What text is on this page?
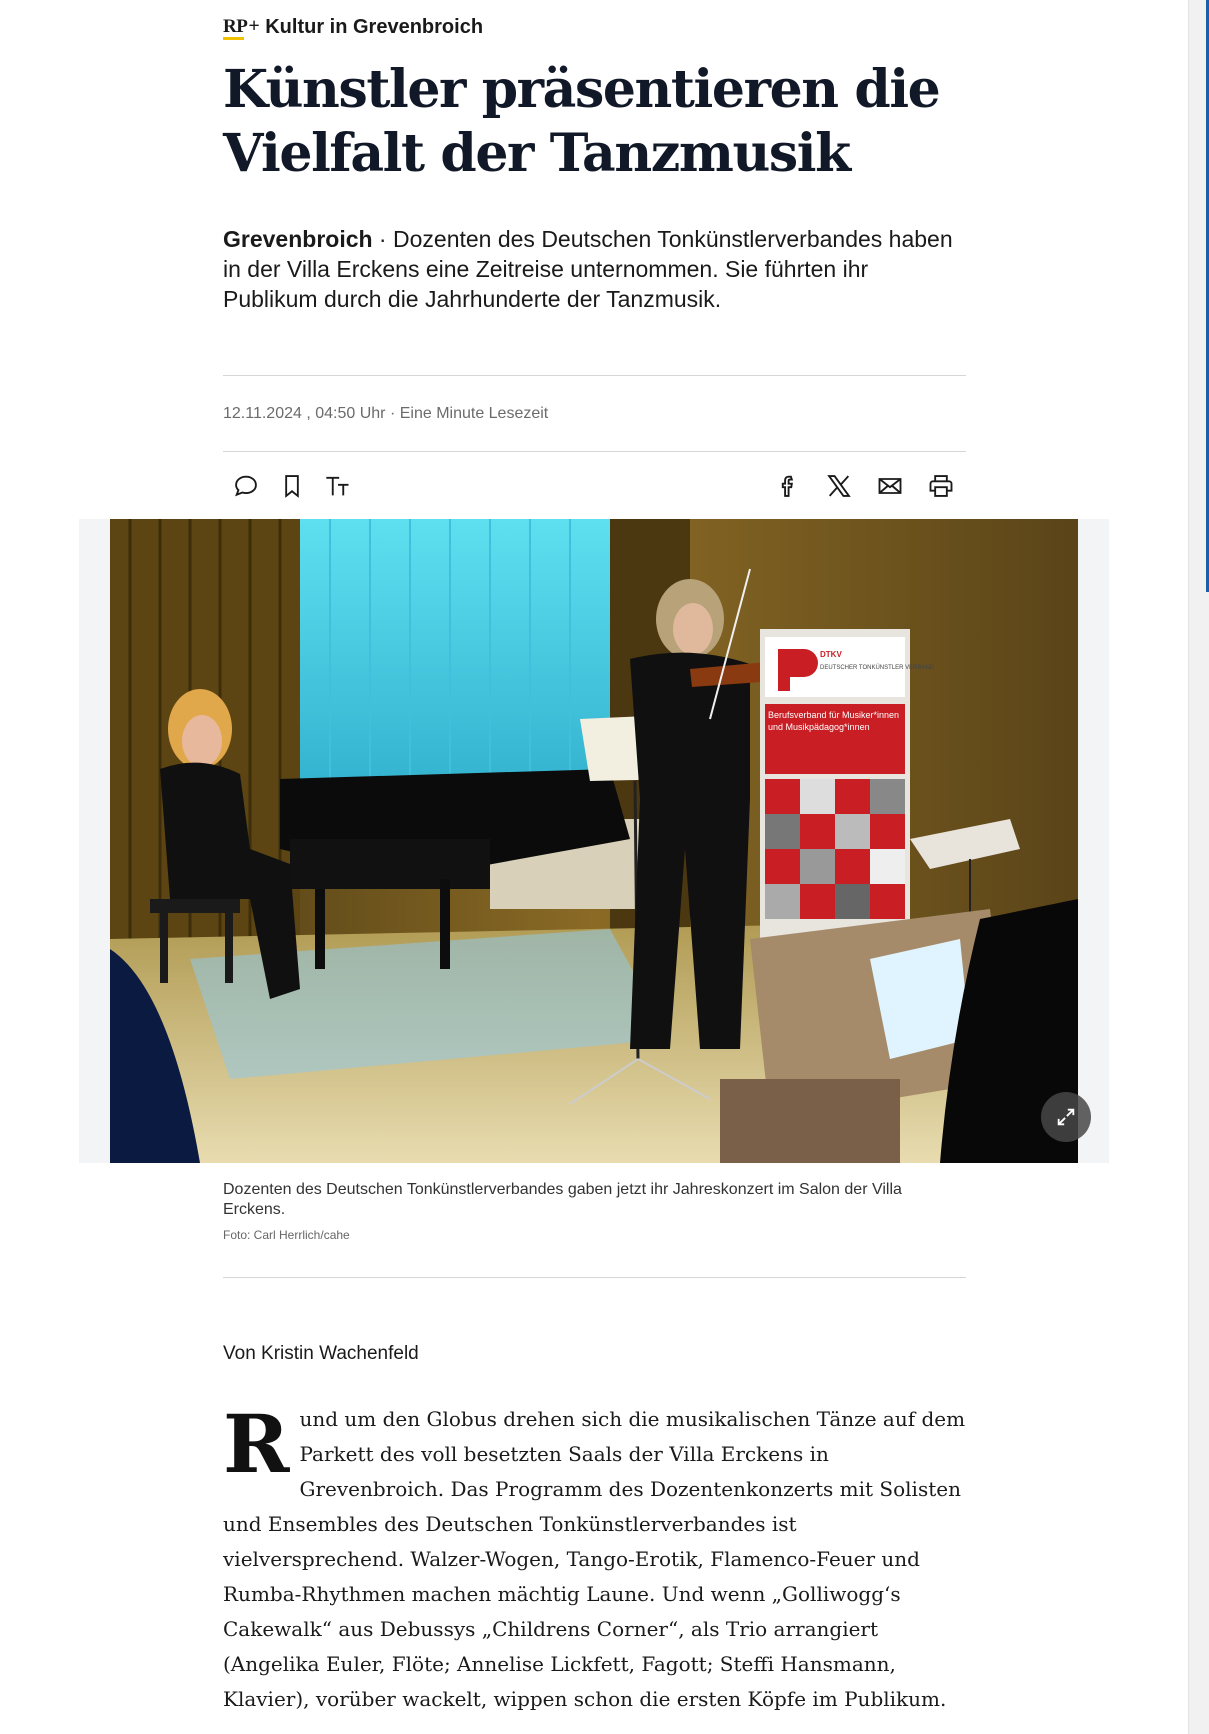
RP+ Kultur in Grevenbroich
Künstler präsentieren die Vielfalt der Tanzmusik

Grevenbroich · Dozenten des Deutschen Tonkünstlerverbandes haben in der Villa Erckens eine Zeitreise unternommen. Sie führten ihr Publikum durch die Jahrhunderte der Tanzmusik.

12.11.2024 , 04:50 Uhr · Eine Minute Lesezeit
DTKV
DEUTSCHER TONKÜNSTLER VERBAND
Berufsverband für Musiker*innen und Musikpädagog*innen

Dozenten des Deutschen Tonkünstlerverbandes gaben jetzt ihr Jahreskonzert im Salon der Villa Erckens.

Foto: Carl Herrlich/cahe

Von Kristin Wachenfeld

R und um den Globus drehen sich die musikalischen Tänze auf dem Parkett des voll besetzten Saals der Villa Erckens in Grevenbroich. Das Programm des Dozentenkonzerts mit Solisten und Ensembles des Deutschen Tonkünstlerverbandes ist vielversprechend. Walzer-Wogen, Tango-Erotik, Flamenco-Feuer und Rumba-Rhythmen machen mächtig Laune. Und wenn „Golliwogg‘s Cakewalk“ aus Debussys „Childrens Corner“, als Trio arrangiert (Angelika Euler, Flöte; Annelise Lickfett, Fagott; Steffi Hansmann, Klavier), vorüber wackelt, wippen schon die ersten Köpfe im Publikum.
